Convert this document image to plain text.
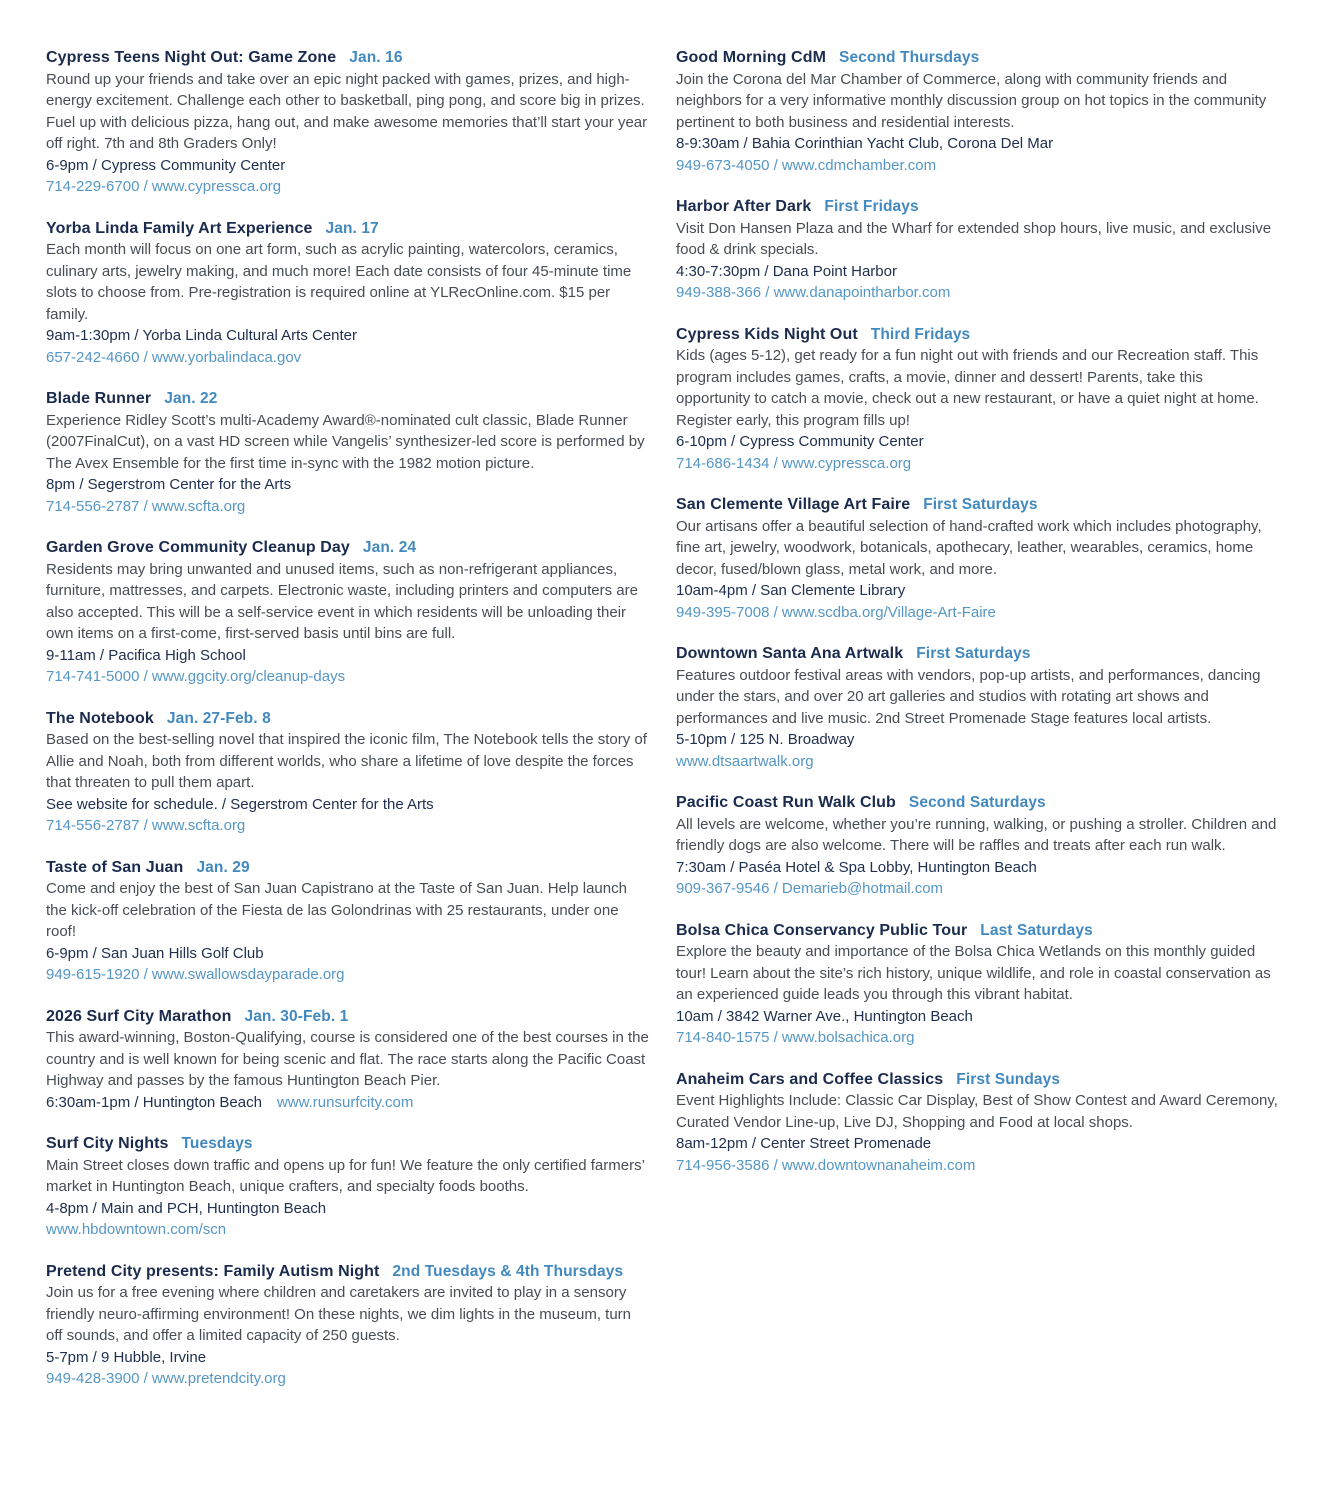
Cypress Teens Night Out: Game Zone Jan. 16
Round up your friends and take over an epic night packed with games, prizes, and high-energy excitement. Challenge each other to basketball, ping pong, and score big in prizes. Fuel up with delicious pizza, hang out, and make awesome memories that’ll start your year off right. 7th and 8th Graders Only!
6-9pm / Cypress Community Center
714-229-6700 / www.cypressca.org
Yorba Linda Family Art Experience Jan. 17
Each month will focus on one art form, such as acrylic painting, watercolors, ceramics, culinary arts, jewelry making, and much more! Each date consists of four 45-minute time slots to choose from. Pre-registration is required online at YLRecOnline.com. $15 per family.
9am-1:30pm / Yorba Linda Cultural Arts Center
657-242-4660 / www.yorbalindaca.gov
Blade Runner Jan. 22
Experience Ridley Scott’s multi-Academy Award®-nominated cult classic, Blade Runner (2007FinalCut), on a vast HD screen while Vangelis’ synthesizer-led score is performed by The Avex Ensemble for the first time in-sync with the 1982 motion picture.
8pm / Segerstrom Center for the Arts
714-556-2787 / www.scfta.org
Garden Grove Community Cleanup Day Jan. 24
Residents may bring unwanted and unused items, such as non-refrigerant appliances, furniture, mattresses, and carpets. Electronic waste, including printers and computers are also accepted. This will be a self-service event in which residents will be unloading their own items on a first-come, first-served basis until bins are full.
9-11am / Pacifica High School
714-741-5000 / www.ggcity.org/cleanup-days
The Notebook Jan. 27-Feb. 8
Based on the best-selling novel that inspired the iconic film, The Notebook tells the story of Allie and Noah, both from different worlds, who share a lifetime of love despite the forces that threaten to pull them apart.
See website for schedule. / Segerstrom Center for the Arts
714-556-2787 / www.scfta.org
Taste of San Juan Jan. 29
Come and enjoy the best of San Juan Capistrano at the Taste of San Juan. Help launch the kick-off celebration of the Fiesta de las Golondrinas with 25 restaurants, under one roof!
6-9pm / San Juan Hills Golf Club
949-615-1920 / www.swallowsdayparade.org
2026 Surf City Marathon Jan. 30-Feb. 1
This award-winning, Boston-Qualifying, course is considered one of the best courses in the country and is well known for being scenic and flat. The race starts along the Pacific Coast Highway and passes by the famous Huntington Beach Pier.
6:30am-1pm / Huntington Beach www.runsurfcity.com
Surf City Nights Tuesdays
Main Street closes down traffic and opens up for fun! We feature the only certified farmers’ market in Huntington Beach, unique crafters, and specialty foods booths.
4-8pm / Main and PCH, Huntington Beach
www.hbdowntown.com/scn
Pretend City presents: Family Autism Night 2nd Tuesdays & 4th Thursdays
Join us for a free evening where children and caretakers are invited to play in a sensory friendly neuro-affirming environment! On these nights, we dim lights in the museum, turn off sounds, and offer a limited capacity of 250 guests.
5-7pm / 9 Hubble, Irvine
949-428-3900 / www.pretendcity.org
Good Morning CdM Second Thursdays
Join the Corona del Mar Chamber of Commerce, along with community friends and neighbors for a very informative monthly discussion group on hot topics in the community pertinent to both business and residential interests.
8-9:30am / Bahia Corinthian Yacht Club, Corona Del Mar
949-673-4050 / www.cdmchamber.com
Harbor After Dark First Fridays
Visit Don Hansen Plaza and the Wharf for extended shop hours, live music, and exclusive food & drink specials.
4:30-7:30pm / Dana Point Harbor
949-388-366 / www.danapointharbor.com
Cypress Kids Night Out Third Fridays
Kids (ages 5-12), get ready for a fun night out with friends and our Recreation staff. This program includes games, crafts, a movie, dinner and dessert! Parents, take this opportunity to catch a movie, check out a new restaurant, or have a quiet night at home. Register early, this program fills up!
6-10pm / Cypress Community Center
714-686-1434 / www.cypressca.org
San Clemente Village Art Faire First Saturdays
Our artisans offer a beautiful selection of hand-crafted work which includes photography, fine art, jewelry, woodwork, botanicals, apothecary, leather, wearables, ceramics, home decor, fused/blown glass, metal work, and more.
10am-4pm / San Clemente Library
949-395-7008 / www.scdba.org/Village-Art-Faire
Downtown Santa Ana Artwalk First Saturdays
Features outdoor festival areas with vendors, pop-up artists, and performances, dancing under the stars, and over 20 art galleries and studios with rotating art shows and performances and live music. 2nd Street Promenade Stage features local artists.
5-10pm / 125 N. Broadway
www.dtsaartwalk.org
Pacific Coast Run Walk Club Second Saturdays
All levels are welcome, whether you’re running, walking, or pushing a stroller. Children and friendly dogs are also welcome. There will be raffles and treats after each run walk.
7:30am / Paséa Hotel & Spa Lobby, Huntington Beach
909-367-9546 / Demarieb@hotmail.com
Bolsa Chica Conservancy Public Tour Last Saturdays
Explore the beauty and importance of the Bolsa Chica Wetlands on this monthly guided tour! Learn about the site’s rich history, unique wildlife, and role in coastal conservation as an experienced guide leads you through this vibrant habitat.
10am / 3842 Warner Ave., Huntington Beach
714-840-1575 / www.bolsachica.org
Anaheim Cars and Coffee Classics First Sundays
Event Highlights Include: Classic Car Display, Best of Show Contest and Award Ceremony, Curated Vendor Line-up, Live DJ, Shopping and Food at local shops.
8am-12pm / Center Street Promenade
714-956-3586 / www.downtownanaheim.com
